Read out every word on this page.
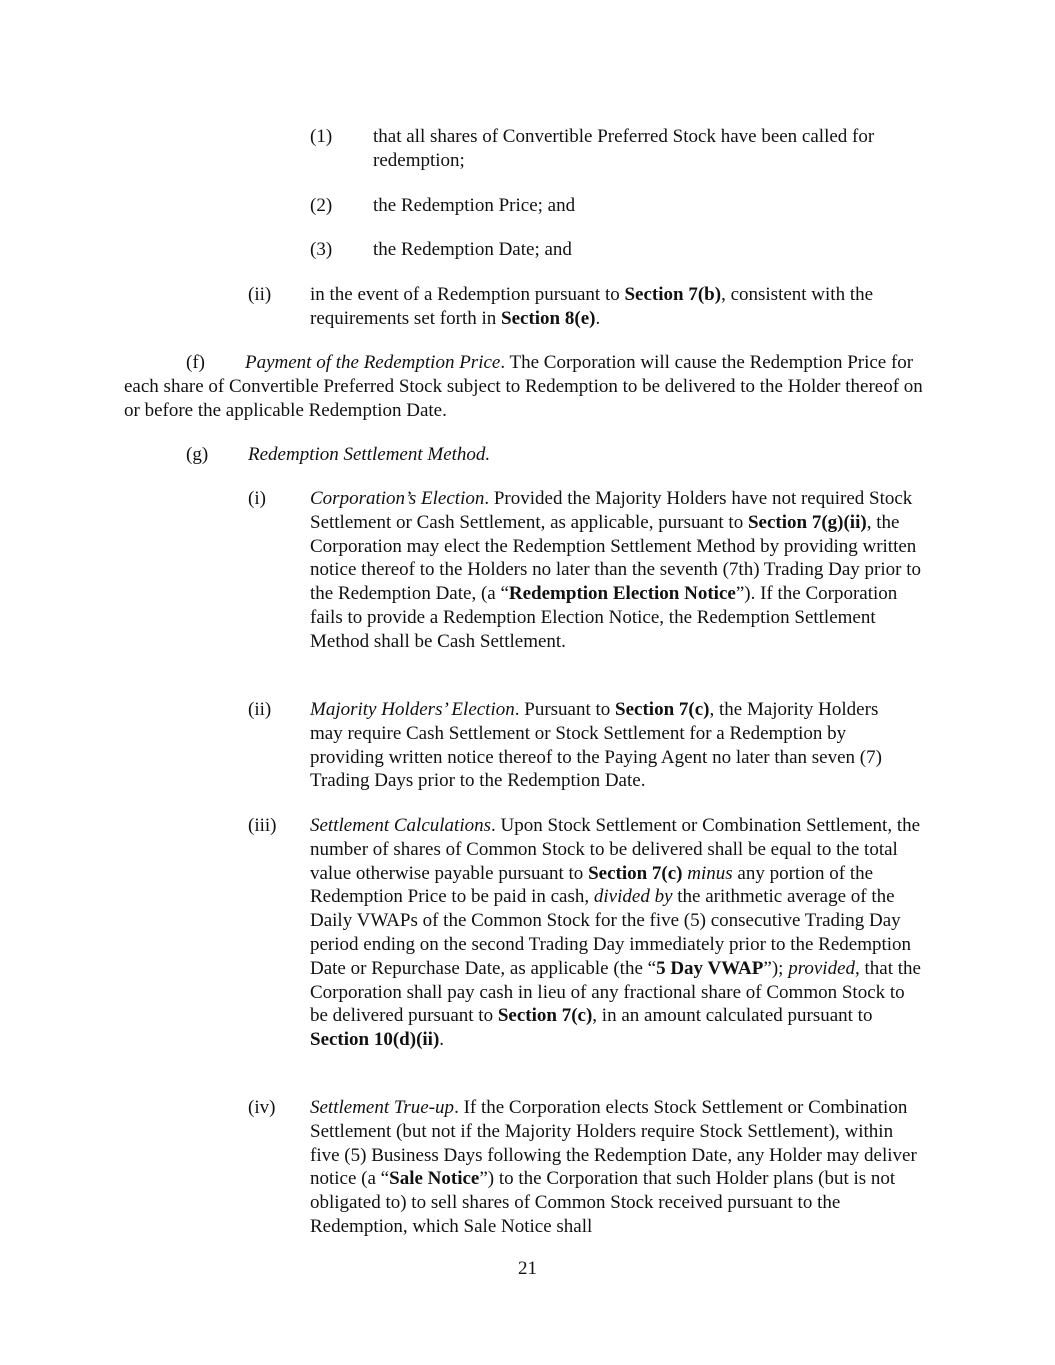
(1) that all shares of Convertible Preferred Stock have been called for redemption;
(2) the Redemption Price; and
(3) the Redemption Date; and
(ii) in the event of a Redemption pursuant to Section 7(b), consistent with the requirements set forth in Section 8(e).

(f) Payment of the Redemption Price. The Corporation will cause the Redemption Price for each share of Convertible Preferred Stock subject to Redemption to be delivered to the Holder thereof on or before the applicable Redemption Date.

(g) Redemption Settlement Method.
(i) Corporation’s Election. Provided the Majority Holders have not required Stock Settlement or Cash Settlement, as applicable, pursuant to Section 7(g)(ii), the Corporation may elect the Redemption Settlement Method by providing written notice thereof to the Holders no later than the seventh (7th) Trading Day prior to the Redemption Date, (a “Redemption Election Notice”). If the Corporation fails to provide a Redemption Election Notice, the Redemption Settlement Method shall be Cash Settlement.
(ii) Majority Holders’ Election. Pursuant to Section 7(c), the Majority Holders may require Cash Settlement or Stock Settlement for a Redemption by providing written notice thereof to the Paying Agent no later than seven (7) Trading Days prior to the Redemption Date.
(iii) Settlement Calculations. Upon Stock Settlement or Combination Settlement, the number of shares of Common Stock to be delivered shall be equal to the total value otherwise payable pursuant to Section 7(c) minus any portion of the Redemption Price to be paid in cash, divided by the arithmetic average of the Daily VWAPs of the Common Stock for the five (5) consecutive Trading Day period ending on the second Trading Day immediately prior to the Redemption Date or Repurchase Date, as applicable (the “5 Day VWAP”); provided, that the Corporation shall pay cash in lieu of any fractional share of Common Stock to be delivered pursuant to Section 7(c), in an amount calculated pursuant to Section 10(d)(ii).
(iv) Settlement True-up. If the Corporation elects Stock Settlement or Combination Settlement (but not if the Majority Holders require Stock Settlement), within five (5) Business Days following the Redemption Date, any Holder may deliver notice (a “Sale Notice”) to the Corporation that such Holder plans (but is not obligated to) to sell shares of Common Stock received pursuant to the Redemption, which Sale Notice shall
21
